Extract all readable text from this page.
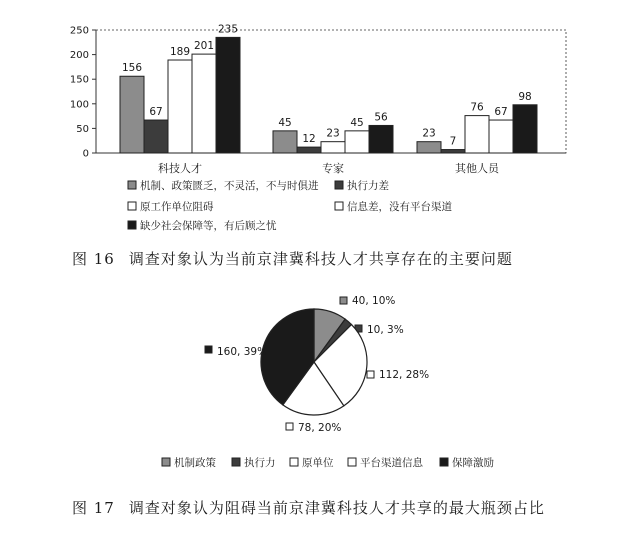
0
50
100
150
200
250
156
67
189 201
235
科技人才
45
12 23
45 56
专家
23
7
76 67
98
其他人员
机制、政策匮乏，不灵活，不与时俱进	执行力差
原工作单位阻碍	信息差，没有平台渠道
缺少社会保障等，有后顾之忧
40, 10%
10, 3%
112, 28%
78, 20%
160, 39%
机制政策	执行力	原单位	平台渠道信息	保障激励
图 16 调查对象认为当前京津冀科技人才共享存在的主要问题
图 17 调查对象认为阻碍当前京津冀科技人才共享的最大瓶颈占比
